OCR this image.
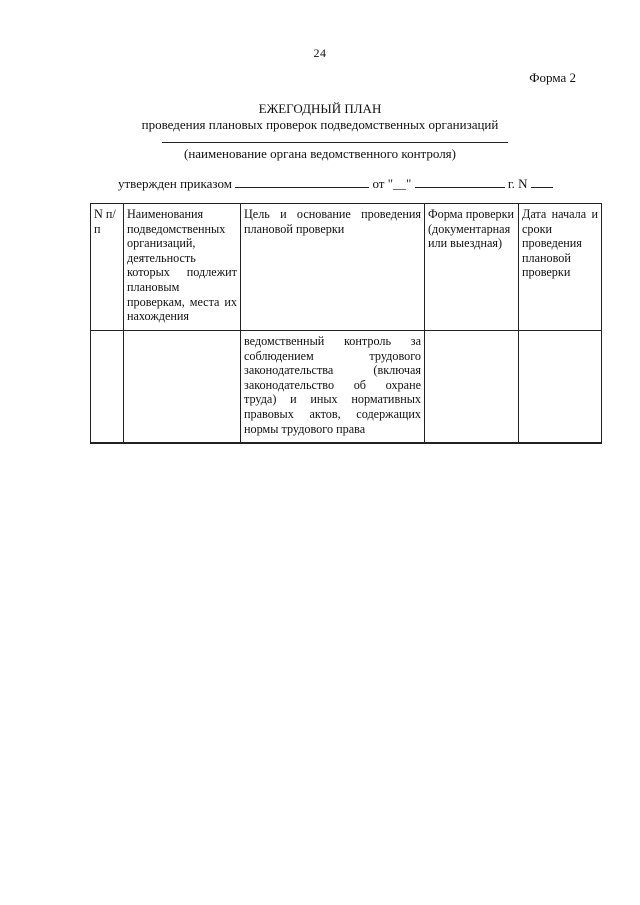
24
Форма 2
ЕЖЕГОДНЫЙ ПЛАН
проведения плановых проверок подведомственных организаций
(наименование органа ведомственного контроля)
утвержден приказом	от "__"	г. N
N п/п	Наименования подведомственных организаций, деятельность которых подлежит плановым проверкам, места их нахождения	Цель и основание проведения плановой проверки	Форма проверки (документарная или выездная)	Дата начала и сроки проведения плановой проверки
		ведомственный контроль за соблюдением трудового законодательства (включая законодательство об охране труда) и иных нормативных правовых актов, содержащих нормы трудового права		
